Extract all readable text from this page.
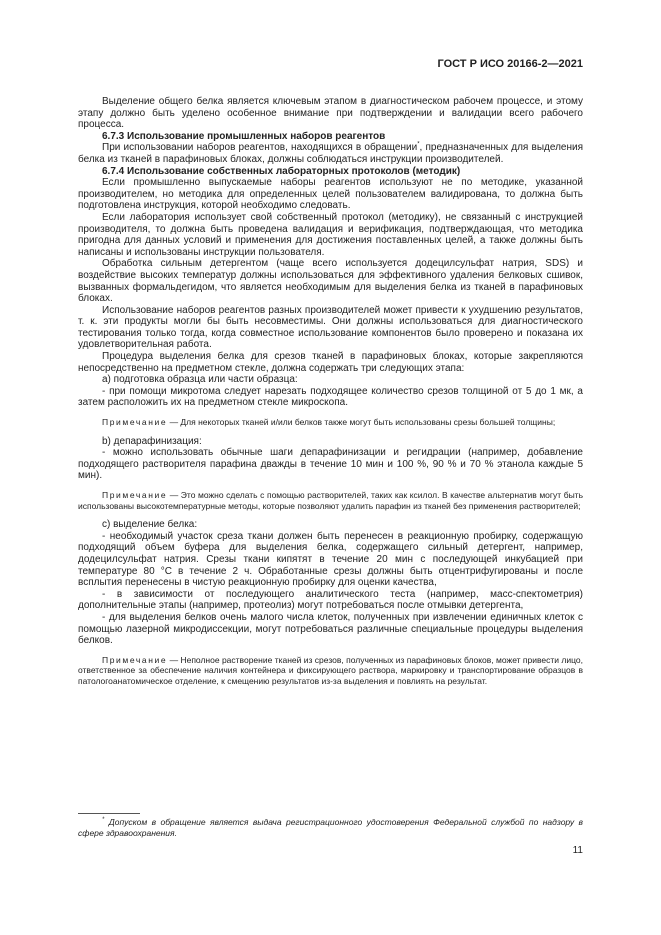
ГОСТ Р ИСО 20166-2—2021

Выделение общего белка является ключевым этапом в диагностическом рабочем процессе, и этому этапу должно быть уделено особенное внимание при подтверждении и валидации всего рабочего процесса.

6.7.3 Использование промышленных наборов реагентов

При использовании наборов реагентов, находящихся в обращении*, предназначенных для выделения белка из тканей в парафиновых блоках, должны соблюдаться инструкции производителей.

6.7.4 Использование собственных лабораторных протоколов (методик)

Если промышленно выпускаемые наборы реагентов используют не по методике, указанной производителем, но методика для определенных целей пользователем валидирована, то должна быть подготовлена инструкция, которой необходимо следовать.

Если лаборатория использует свой собственный протокол (методику), не связанный с инструкцией производителя, то должна быть проведена валидация и верификация, подтверждающая, что методика пригодна для данных условий и применения для достижения поставленных целей, а также должны быть написаны и использованы инструкции пользователя.

Обработка сильным детергентом (чаще всего используется додецилсульфат натрия, SDS) и воздействие высоких температур должны использоваться для эффективного удаления белковых сшивок, вызванных формальдегидом, что является необходимым для выделения белка из тканей в парафиновых блоках.

Использование наборов реагентов разных производителей может привести к ухудшению результатов, т. к. эти продукты могли бы быть несовместимы. Они должны использоваться для диагностического тестирования только тогда, когда совместное использование компонентов было проверено и показана их удовлетворительная работа.

Процедура выделения белка для срезов тканей в парафиновых блоках, которые закрепляются непосредственно на предметном стекле, должна содержать три следующих этапа:

а) подготовка образца или части образца:

- при помощи микротома следует нарезать подходящее количество срезов толщиной от 5 до 1 мк, а затем расположить их на предметном стекле микроскопа.

Примечание — Для некоторых тканей и/или белков также могут быть использованы срезы большей толщины;

b) депарафинизация:

- можно использовать обычные шаги депарафинизации и регидрации (например, добавление подходящего растворителя парафина дважды в течение 10 мин и 100 %, 90 % и 70 % этанола каждые 5 мин).

Примечание — Это можно сделать с помощью растворителей, таких как ксилол. В качестве альтернатив могут быть использованы высокотемпературные методы, которые позволяют удалить парафин из тканей без применения растворителей;

c) выделение белка:

- необходимый участок среза ткани должен быть перенесен в реакционную пробирку, содержащую подходящий объем буфера для выделения белка, содержащего сильный детергент, например, додецилсульфат натрия. Срезы ткани кипятят в течение 20 мин с последующей инкубацией при температуре 80 °С в течение 2 ч. Обработанные срезы должны быть отцентрифугированы и после всплытия перенесены в чистую реакционную пробирку для оценки качества,

- в зависимости от последующего аналитического теста (например, масс-спектометрия) дополнительные этапы (например, протеолиз) могут потребоваться после отмывки детергента,

- для выделения белков очень малого числа клеток, полученных при извлечении единичных клеток с помощью лазерной микродиссекции, могут потребоваться различные специальные процедуры выделения белков.

Примечание — Неполное растворение тканей из срезов, полученных из парафиновых блоков, может привести лицо, ответственное за обеспечение наличия контейнера и фиксирующего раствора, маркировку и транспортирование образцов в патологоанатомическое отделение, к смещению результатов из-за выделения и повлиять на результат.

* Допуском в обращение является выдача регистрационного удостоверения Федеральной службой по надзору в сфере здравоохранения.
11
